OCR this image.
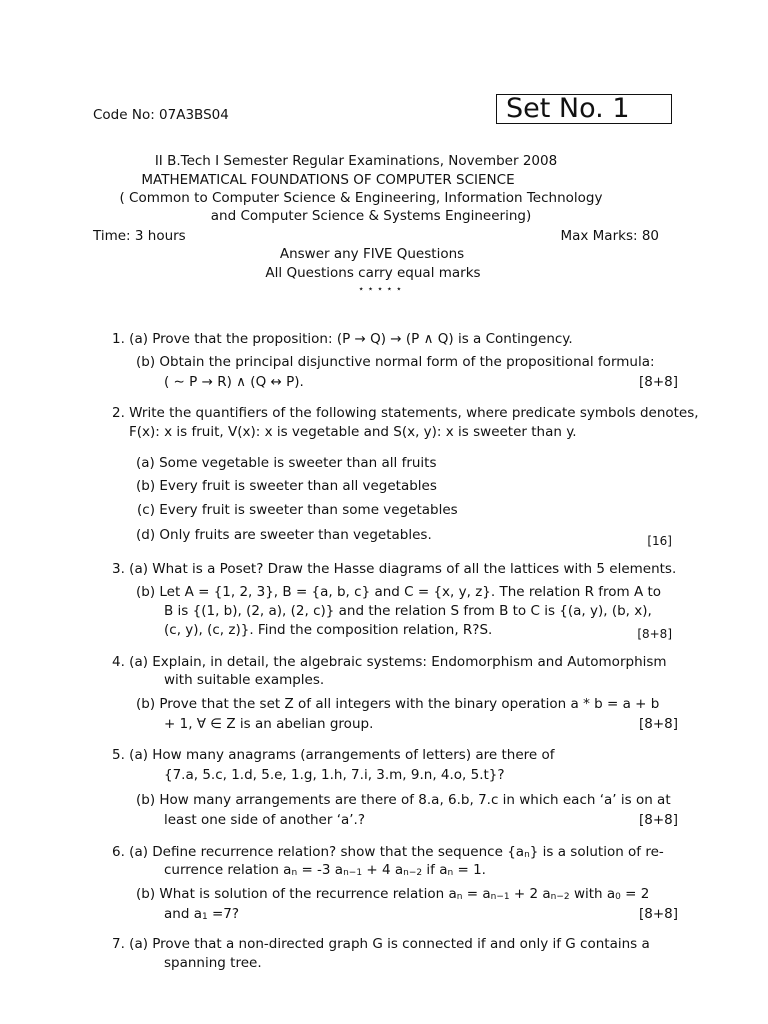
Code No: 07A3BS04	Set No. 1
II B.Tech I Semester Regular Examinations, November 2008
MATHEMATICAL FOUNDATIONS OF COMPUTER SCIENCE
( Common to Computer Science & Engineering, Information Technology
and Computer Science & Systems Engineering)
Time: 3 hours	Max Marks: 80
Answer any FIVE Questions
All Questions carry equal marks
⋆ ⋆ ⋆ ⋆ ⋆
1. (a) Prove that the proposition: (P → Q) → (P ∧ Q) is a Contingency.
(b) Obtain the principal disjunctive normal form of the propositional formula:
( ∼ P → R) ∧ (Q ↔ P).	[8+8]
2. Write the quantifiers of the following statements, where predicate symbols denotes,
F(x): x is fruit, V(x): x is vegetable and S(x, y): x is sweeter than y.
(a) Some vegetable is sweeter than all fruits
(b) Every fruit is sweeter than all vegetables
(c) Every fruit is sweeter than some vegetables
(d) Only fruits are sweeter than vegetables.	[16]
3. (a) What is a Poset? Draw the Hasse diagrams of all the lattices with 5 elements.
(b) Let A = {1, 2, 3}, B = {a, b, c} and C = {x, y, z}. The relation R from A to
B is {(1, b), (2, a), (2, c)} and the relation S from B to C is {(a, y), (b, x),
(c, y), (c, z)}. Find the composition relation, R?S.	[8+8]
4. (a) Explain, in detail, the algebraic systems: Endomorphism and Automorphism
with suitable examples.
(b) Prove that the set Z of all integers with the binary operation a * b = a + b
+ 1, ∀ ∈ Z is an abelian group.	[8+8]
5. (a) How many anagrams (arrangements of letters) are there of
{7.a, 5.c, 1.d, 5.e, 1.g, 1.h, 7.i, 3.m, 9.n, 4.o, 5.t}?
(b) How many arrangements are there of 8.a, 6.b, 7.c in which each ‘a’ is on at
least one side of another ‘a’.?	[8+8]
6. (a) Define recurrence relation? show that the sequence {an} is a solution of re-
currence relation an = -3 an−1 + 4 an−2 if an = 1.
(b) What is solution of the recurrence relation an = an−1 + 2 an−2 with a0 = 2
and a1 =7?	[8+8]
7. (a) Prove that a non-directed graph G is connected if and only if G contains a
spanning tree.
